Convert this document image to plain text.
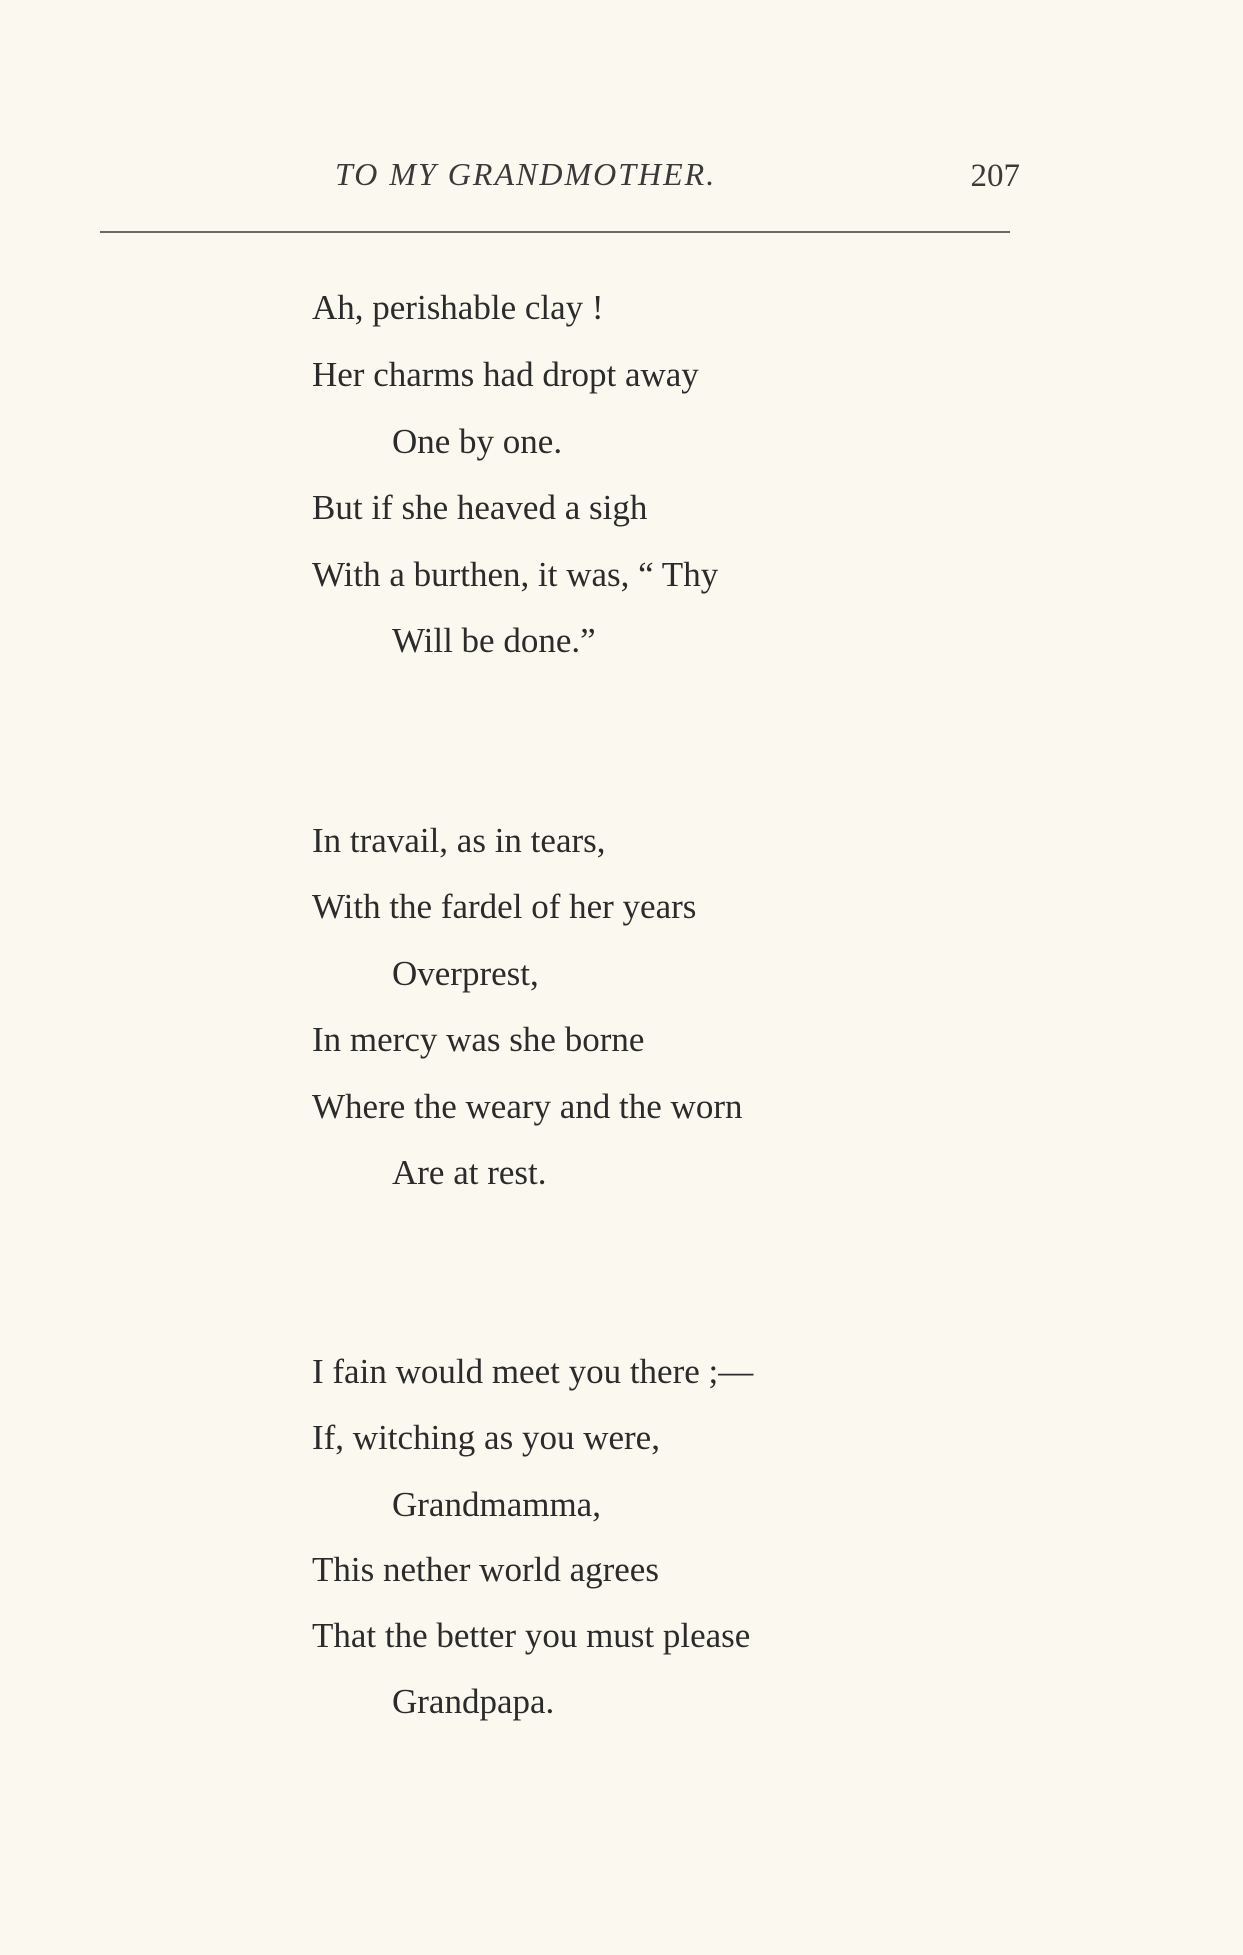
TO MY GRANDMOTHER.	207
Ah, perishable clay !
Her charms had dropt away
One by one.
But if she heaved a sigh
With a burthen, it was, “ Thy
Will be done.”
In travail, as in tears,
With the fardel of her years
Overprest,
In mercy was she borne
Where the weary and the worn
Are at rest.
I fain would meet you there ;—
If, witching as you were,
Grandmamma,
This nether world agrees
That the better you must please
Grandpapa.
